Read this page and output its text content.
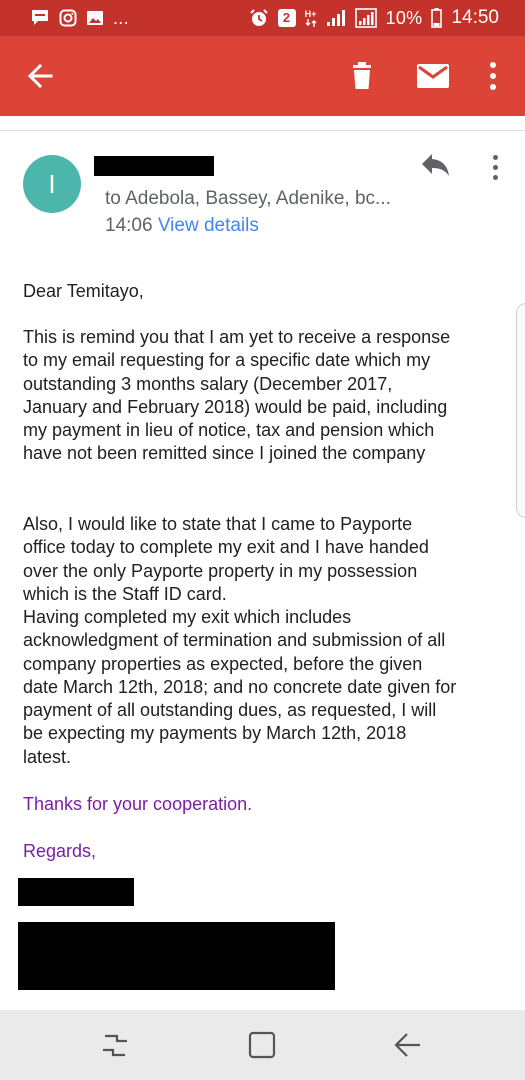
...	2	H+	10% 14:50
I	to Adebola, Bassey, Adenike, bc...
14:06 View details
Dear Temitayo,
This is remind you that I am yet to receive a response
to my email requesting for a specific date which my
outstanding 3 months salary (December 2017,
January and February 2018) would be paid, including
my payment in lieu of notice, tax and pension which
have not been remitted since I joined the company
Also, I would like to state that I came to Payporte
office today to complete my exit and I have handed
over the only Payporte property in my possession
which is the Staff ID card.
Having completed my exit which includes
acknowledgment of termination and submission of all
company properties as expected, before the given
date March 12th, 2018; and no concrete date given for
payment of all outstanding dues, as requested, I will
be expecting my payments by March 12th, 2018
latest.
Thanks for your cooperation.
Regards,
